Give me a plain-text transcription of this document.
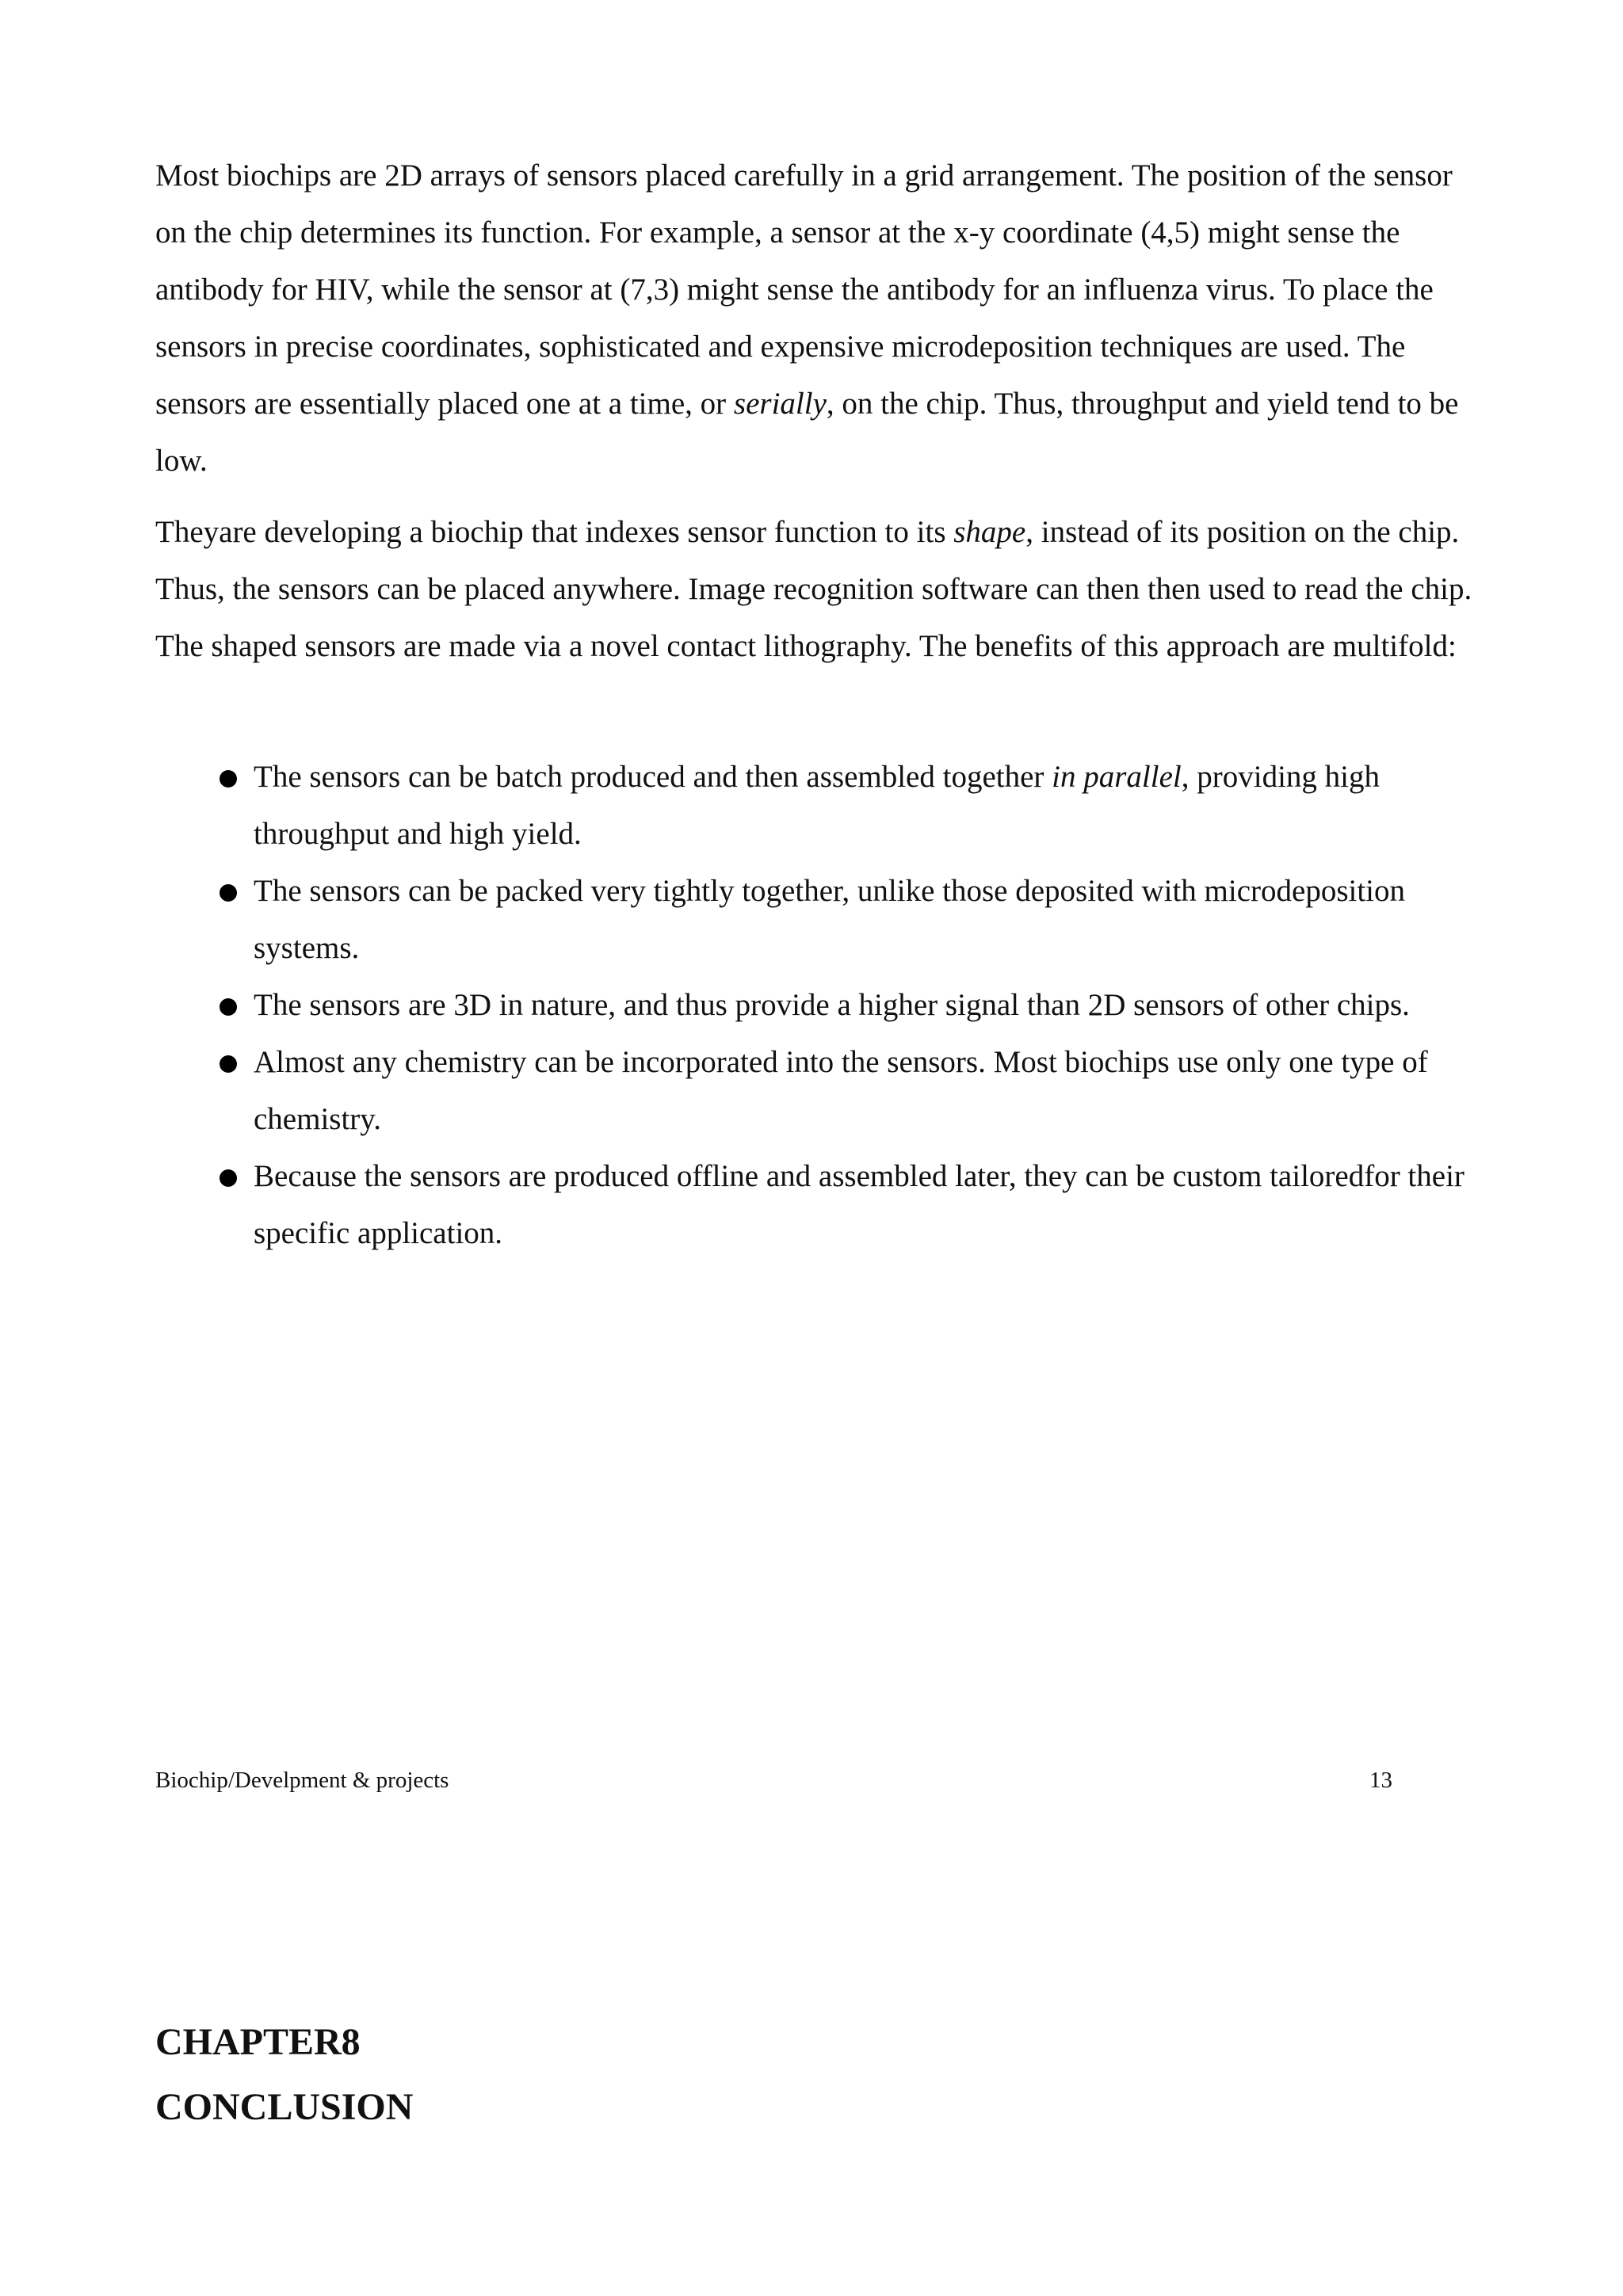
Most biochips are 2D arrays of sensors placed carefully in a grid arrangement. The position of the sensor on the chip determines its function. For example, a sensor at the x-y coordinate (4,5) might sense the antibody for HIV, while the sensor at (7,3) might sense the antibody for an influenza virus. To place the sensors in precise coordinates, sophisticated and expensive microdeposition techniques are used. The sensors are essentially placed one at a time, or serially, on the chip. Thus, throughput and yield tend to be low.

Theyare developing a biochip that indexes sensor function to its shape, instead of its position on the chip. Thus, the sensors can be placed anywhere. Image recognition software can then then used to read the chip. The shaped sensors are made via a novel contact lithography. The benefits of this approach are multifold:

The sensors can be batch produced and then assembled together in parallel, providing high throughput and high yield.
The sensors can be packed very tightly together, unlike those deposited with microdeposition systems.
The sensors are 3D in nature, and thus provide a higher signal than 2D sensors of other chips.
Almost any chemistry can be incorporated into the sensors. Most biochips use only one type of chemistry.
Because the sensors are produced offline and assembled later, they can be custom tailoredfor their specific application.
Biochip/Develpment & projects	13
CHAPTER8
CONCLUSION
